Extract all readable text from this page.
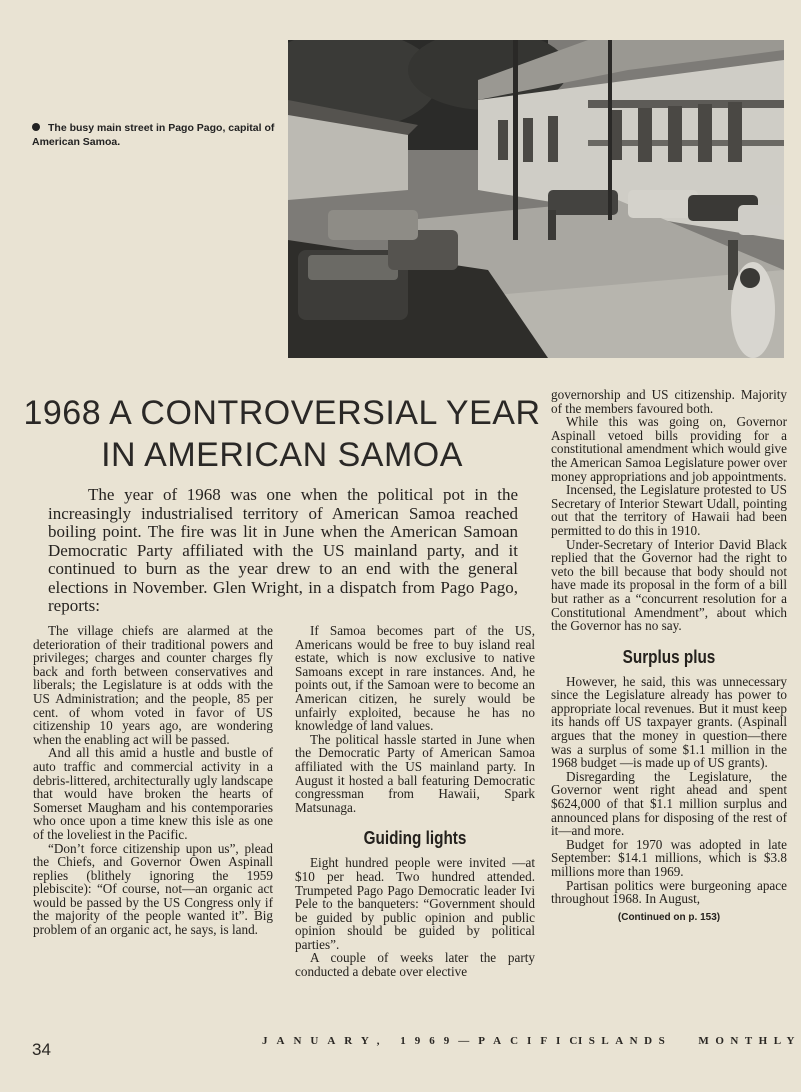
The busy main street in Pago Pago, capital of American Samoa.
1968 A CONTROVERSIAL YEAR
IN AMERICAN SAMOA
The year of 1968 was one when the political pot in the increasingly industrialised territory of American Samoa reached boiling point. The fire was lit in June when the American Samoan Democratic Party affiliated with the US mainland party, and it continued to burn as the year drew to an end with the general elections in November. Glen Wright, in a dispatch from Pago Pago, reports:

The village chiefs are alarmed at the deterioration of their traditional powers and privileges; charges and counter charges fly back and forth between conservatives and liberals; the Legislature is at odds with the US Administration; and the people, 85 per cent. of whom voted in favor of US citizenship 10 years ago, are wondering when the enabling act will be passed.

And all this amid a hustle and bustle of auto traffic and commercial activity in a debris-littered, architecturally ugly landscape that would have broken the hearts of Somerset Maugham and his contemporaries who once upon a time knew this isle as one of the loveliest in the Pacific.

“Don’t force citizenship upon us”, plead the Chiefs, and Governor Owen Aspinall replies (blithely ignoring the 1959 plebiscite): “Of course, not—an organic act would be passed by the US Congress only if the majority of the people wanted it”. Big problem of an organic act, he says, is land.

If Samoa becomes part of the US, Americans would be free to buy island real estate, which is now exclusive to native Samoans except in rare instances. And, he points out, if the Samoan were to become an American citizen, he surely would be unfairly exploited, because he has no knowledge of land values.

The political hassle started in June when the Democratic Party of American Samoa affiliated with the US mainland party. In August it hosted a ball featuring Democratic congressman from Hawaii, Spark Matsunaga.

Guiding lights

Eight hundred people were invited —at $10 per head. Two hundred attended. Trumpeted Pago Pago Democratic leader Ivi Pele to the banqueters: “Government should be guided by public opinion and public opinion should be guided by political parties”.

A couple of weeks later the party conducted a debate over elective

governorship and US citizenship. Majority of the members favoured both.

While this was going on, Governor Aspinall vetoed bills providing for a constitutional amendment which would give the American Samoa Legislature power over money appropriations and job appointments.

Incensed, the Legislature protested to US Secretary of Interior Stewart Udall, pointing out that the territory of Hawaii had been permitted to do this in 1910.

Under-Secretary of Interior David Black replied that the Governor had the right to veto the bill because that body should not have made its proposal in the form of a bill but rather as a “concurrent resolution for a Constitutional Amendment”, about which the Governor has no say.

Surplus plus

However, he said, this was unnecessary since the Legislature already has power to appropriate local revenues. But it must keep its hands off US taxpayer grants. (Aspinall argues that the money in question—there was a surplus of some $1.1 million in the 1968 budget —is made up of US grants).

Disregarding the Legislature, the Governor went right ahead and spent $624,000 of that $1.1 million surplus and announced plans for disposing of the rest of it—and more.

Budget for 1970 was adopted in late September: $14.1 millions, which is $3.8 millions more than 1969.

Partisan politics were burgeoning apace throughout 1968. In August,

(Continued on p. 153)
34	JANUARY, 1969—PACIFIC
ISLANDS MONTHLY
